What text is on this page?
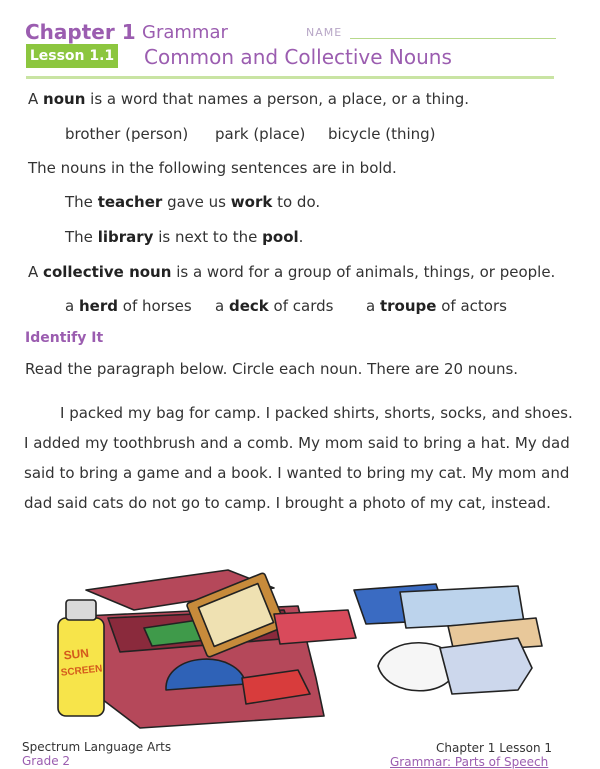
Chapter 1 Grammar	NAME
Lesson 1.1 Common and Collective Nouns
A noun is a word that names a person, a place, or a thing.
brother (person) park (place) bicycle (thing)
The nouns in the following sentences are in bold.
The teacher gave us work to do.
The library is next to the pool.
A collective noun is a word for a group of animals, things, or people.
a herd of horses a deck of cards a troupe of actors
Identify It
Read the paragraph below. Circle each noun. There are 20 nouns.
I packed my bag for camp. I packed shirts, shorts, socks, and shoes. I added my toothbrush and a comb. My mom said to bring a hat. My dad said to bring a game and a book. I wanted to bring my cat. My mom and dad said cats do not go to camp. I brought a photo of my cat, instead.
SUN
SCREEN
Spectrum Language Arts
Grade 2
Chapter 1 Lesson 1
Grammar: Parts of Speech
